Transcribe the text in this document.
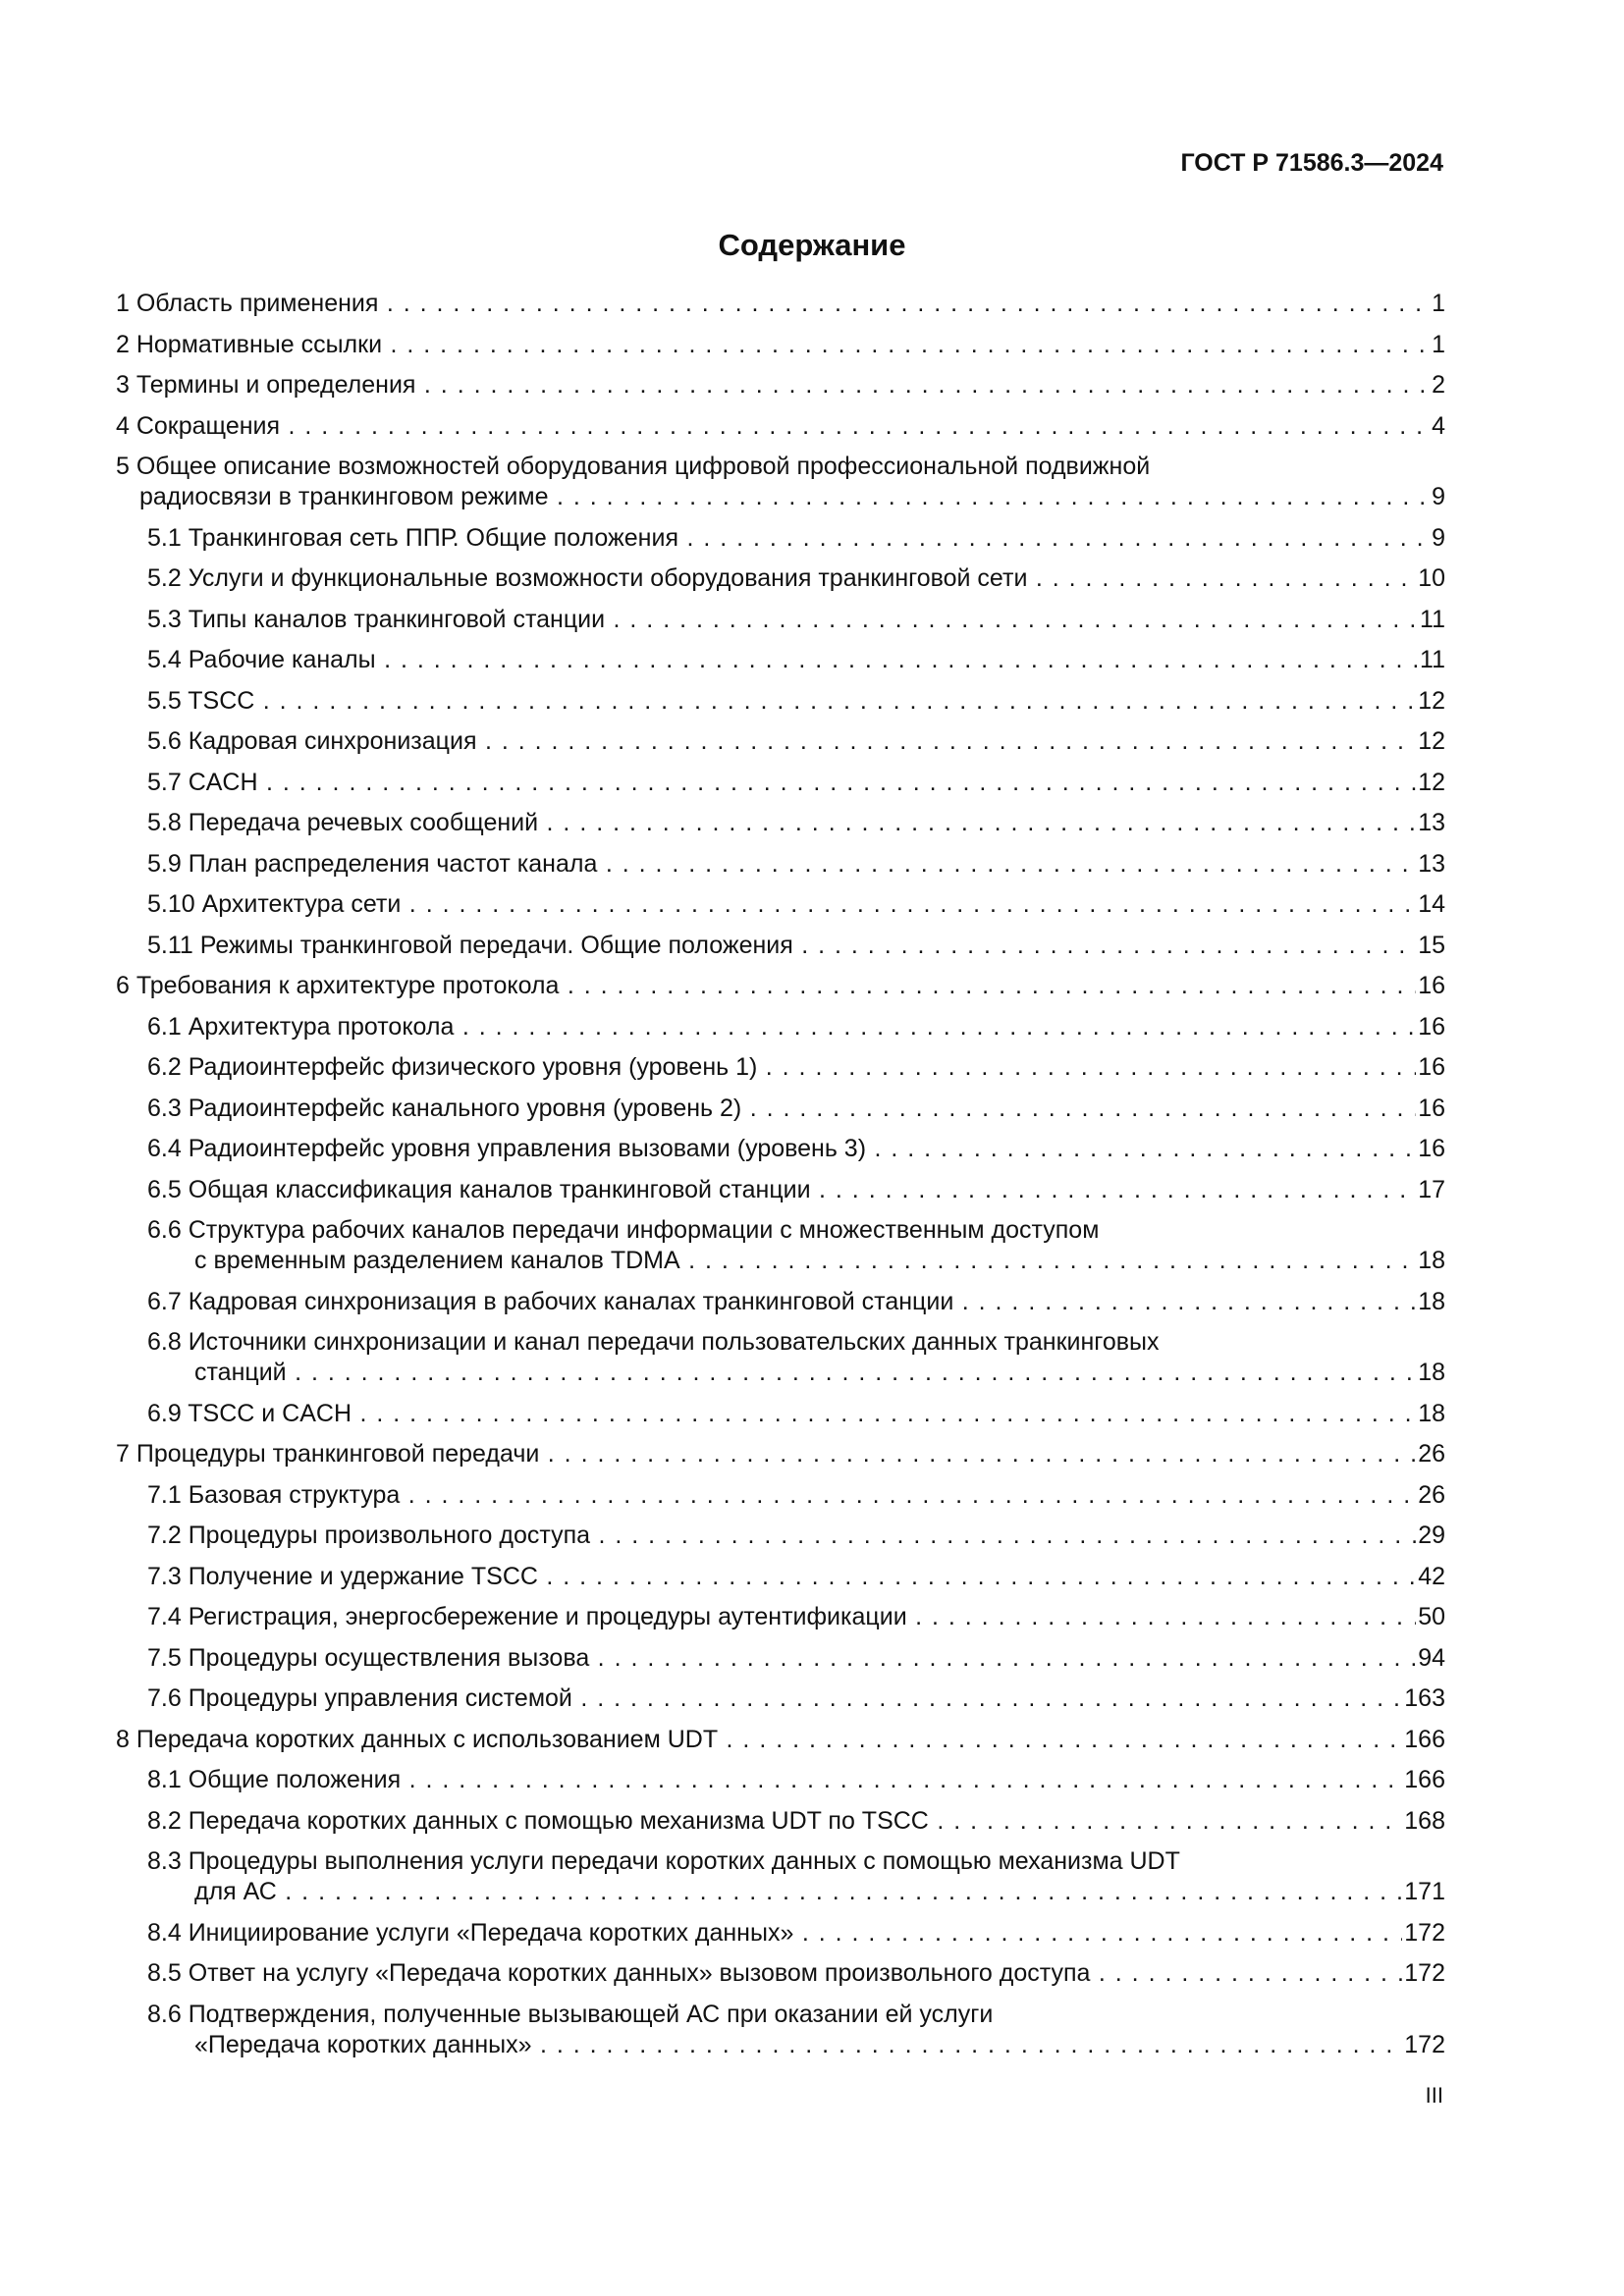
ГОСТ Р 71586.3—2024
Содержание
1 Область применения . . .	1
2 Нормативные ссылки . . .	1
3 Термины и определения . . .	2
4 Сокращения . . .	4
5 Общее описание возможностей оборудования цифровой профессиональной подвижной
радиосвязи в транкинговом режиме . . .	9
5.1 Транкинговая сеть ППР. Общие положения . . .	9
5.2 Услуги и функциональные возможности оборудования транкинговой сети . . .	10
5.3 Типы каналов транкинговой станции . . .	11
5.4 Рабочие каналы . . .	11
5.5 TSCC . . .	12
5.6 Кадровая синхронизация . . .	12
5.7 CACH . . .	12
5.8 Передача речевых сообщений . . .	13
5.9 План распределения частот канала . . .	13
5.10 Архитектура сети . . .	14
5.11 Режимы транкинговой передачи. Общие положения . . .	15
6 Требования к архитектуре протокола . . .	16
6.1 Архитектура протокола . . .	16
6.2 Радиоинтерфейс физического уровня (уровень 1) . . .	16
6.3 Радиоинтерфейс канального уровня (уровень 2) . . .	16
6.4 Радиоинтерфейс уровня управления вызовами (уровень 3) . . .	16
6.5 Общая классификация каналов транкинговой станции . . .	17
6.6 Структура рабочих каналов передачи информации с множественным доступом
с временным разделением каналов TDMA . . .	18
6.7 Кадровая синхронизация в рабочих каналах транкинговой станции . . .	18
6.8 Источники синхронизации и канал передачи пользовательских данных транкинговых
станций . . .	18
6.9 TSCC и CACH . . .	18
7 Процедуры транкинговой передачи . . .	26
7.1 Базовая структура . . .	26
7.2 Процедуры произвольного доступа . . .	29
7.3 Получение и удержание TSCC . . .	42
7.4 Регистрация, энергосбережение и процедуры аутентификации . . .	50
7.5 Процедуры осуществления вызова . . .	94
7.6 Процедуры управления системой . . .	163
8 Передача коротких данных с использованием UDT . . .	166
8.1 Общие положения . . .	166
8.2 Передача коротких данных с помощью механизма UDT по TSCC . . .	168
8.3 Процедуры выполнения услуги передачи коротких данных с помощью механизма UDT
для АС . . .	171
8.4 Инициирование услуги «Передача коротких данных» . . .	172
8.5 Ответ на услугу «Передача коротких данных» вызовом произвольного доступа . . .	172
8.6 Подтверждения, полученные вызывающей АС при оказании ей услуги
«Передача коротких данных» . . .	172
III
